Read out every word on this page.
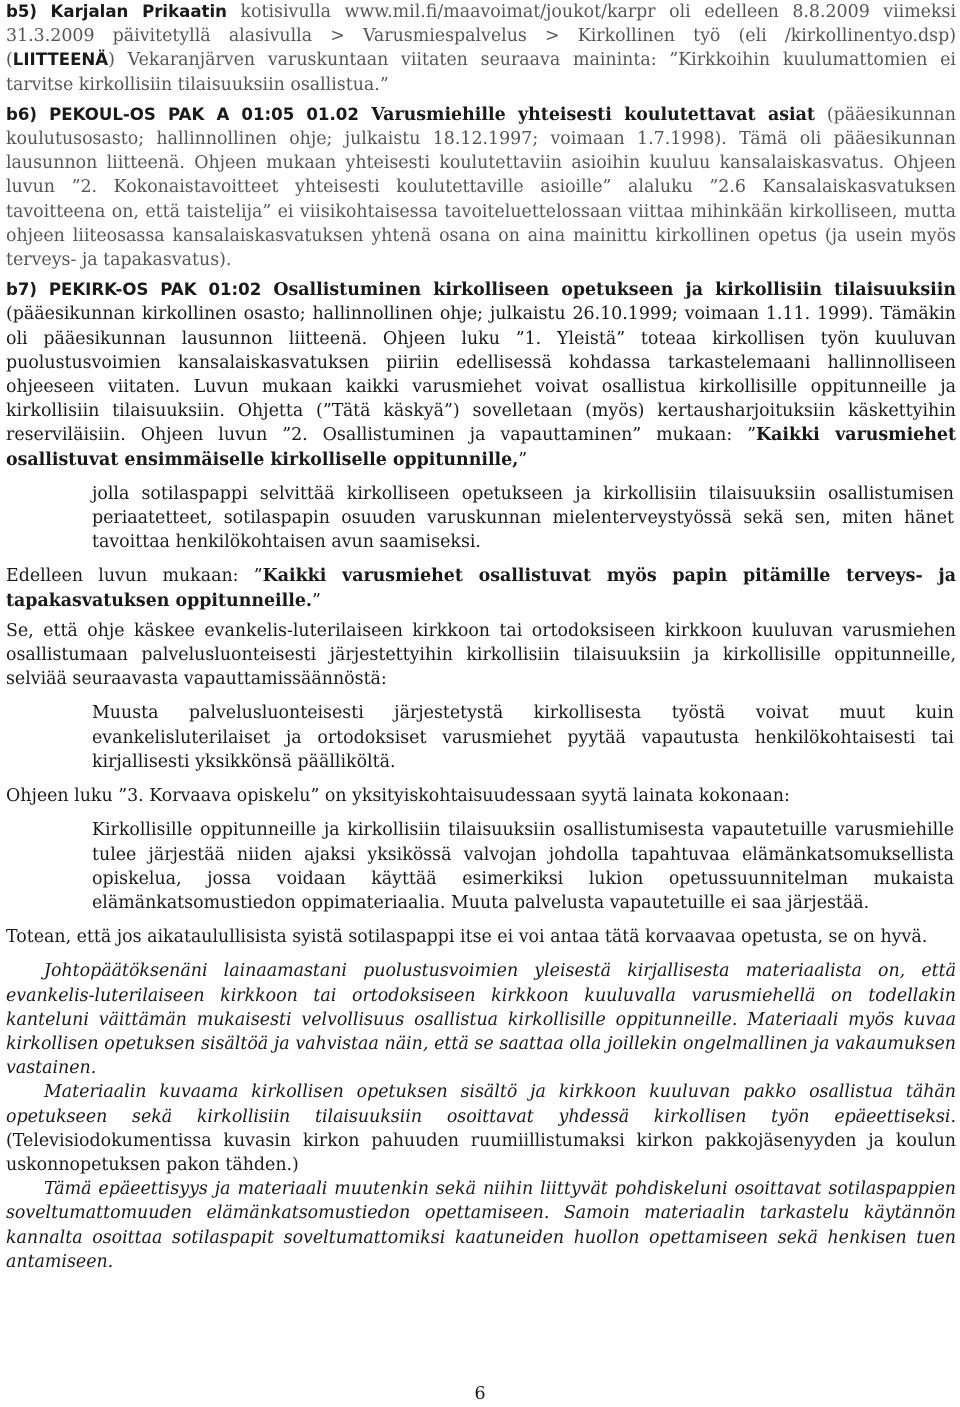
b5) Karjalan Prikaatin kotisivulla www.mil.fi/maavoimat/joukot/karpr oli edelleen 8.8.2009 viimeksi 31.3.2009 päivitetyllä alasivulla > Varusmiespalvelus > Kirkollinen työ (eli /kirkollinentyo.dsp) (LIITTEENÄ) Vekaranjärven varuskuntaan viitaten seuraava maininta: ”Kirkkoihin kuulumattomien ei tarvitse kirkollisiin tilaisuuksiin osallistua.”

b6) PEKOUL-OS PAK A 01:05 01.02 Varusmiehille yhteisesti koulutettavat asiat (pääesikunnan koulutusosasto; hallinnollinen ohje; julkaistu 18.12.1997; voimaan 1.7.1998). Tämä oli pääesikunnan lausunnon liitteenä. Ohjeen mukaan yhteisesti koulutettaviin asioihin kuuluu kansalaiskasvatus. Ohjeen luvun ”2. Kokonaistavoitteet yhteisesti koulutettaville asioille” alaluku ”2.6 Kansalaiskasvatuksen tavoitteena on, että taistelija” ei viisikohtaisessa tavoiteluettelossaan viittaa mihinkään kirkolliseen, mutta ohjeen liiteosassa kansalaiskasvatuksen yhtenä osana on aina mainittu kirkollinen opetus (ja usein myös terveys- ja tapakasvatus).

b7) PEKIRK-OS PAK 01:02 Osallistuminen kirkolliseen opetukseen ja kirkollisiin tilaisuuksiin (pääesikunnan kirkollinen osasto; hallinnollinen ohje; julkaistu 26.10.1999; voimaan 1.11. 1999). Tämäkin oli pääesikunnan lausunnon liitteenä. Ohjeen luku ”1. Yleistä” toteaa kirkollisen työn kuuluvan puolustusvoimien kansalaiskasvatuksen piiriin edellisessä kohdassa tarkastelemaani hallinnolliseen ohjeeseen viitaten. Luvun mukaan kaikki varusmiehet voivat osallistua kirkollisille oppitunneille ja kirkollisiin tilaisuuksiin. Ohjetta (”Tätä käskyä”) sovelletaan (myös) kertausharjoituksiin käskettyihin reserviläisiin. Ohjeen luvun ”2. Osallistuminen ja vapauttaminen” mukaan: ”Kaikki varusmiehet osallistuvat ensimmäiselle kirkolliselle oppitunnille,”

jolla sotilaspappi selvittää kirkolliseen opetukseen ja kirkollisiin tilaisuuksiin osallistumisen periaatetteet, sotilaspapin osuuden varuskunnan mielenterveystyössä sekä sen, miten hänet tavoittaa henkilökohtaisen avun saamiseksi.

Edelleen luvun mukaan: ”Kaikki varusmiehet osallistuvat myös papin pitämille terveys- ja tapakasvatuksen oppitunneille.”

Se, että ohje käskee evankelis-luterilaiseen kirkkoon tai ortodoksiseen kirkkoon kuuluvan varusmiehen osallistumaan palvelusluonteisesti järjestettyihin kirkollisiin tilaisuuksiin ja kirkollisille oppitunneille, selviää seuraavasta vapauttamissäännöstä:

Muusta palvelusluonteisesti järjestetystä kirkollisesta työstä voivat muut kuin evankelisluterilaiset ja ortodoksiset varusmiehet pyytää vapautusta henkilökohtaisesti tai kirjallisesti yksikkönsä päälliköltä.

Ohjeen luku ”3. Korvaava opiskelu” on yksityiskohtaisuudessaan syytä lainata kokonaan:

Kirkollisille oppitunneille ja kirkollisiin tilaisuuksiin osallistumisesta vapautetuille varusmiehille tulee järjestää niiden ajaksi yksikössä valvojan johdolla tapahtuvaa elämänkatsomuksellista opiskelua, jossa voidaan käyttää esimerkiksi lukion opetussuunnitelman mukaista elämänkatsomustiedon oppimateriaalia. Muuta palvelusta vapautetuille ei saa järjestää.

Totean, että jos aikataulullisista syistä sotilaspappi itse ei voi antaa tätä korvaavaa opetusta, se on hyvä.

Johtopäätöksenäni lainaamastani puolustusvoimien yleisestä kirjallisesta materiaalista on, että evankelis-luterilaiseen kirkkoon tai ortodoksiseen kirkkoon kuuluvalla varusmiehellä on todellakin kanteluni väittämän mukaisesti velvollisuus osallistua kirkollisille oppitunneille. Materiaali myös kuvaa kirkollisen opetuksen sisältöä ja vahvistaa näin, että se saattaa olla joillekin ongelmallinen ja vakaumuksen vastainen.

Materiaalin kuvaama kirkollisen opetuksen sisältö ja kirkkoon kuuluvan pakko osallistua tähän opetukseen sekä kirkollisiin tilaisuuksiin osoittavat yhdessä kirkollisen työn epäeettiseksi. (Televisiodokumentissa kuvasin kirkon pahuuden ruumiillistumaksi kirkon pakkojäsenyyden ja koulun uskonnopetuksen pakon tähden.)

Tämä epäeettisyys ja materiaali muutenkin sekä niihin liittyvät pohdiskeluni osoittavat sotilaspappien soveltumattomuuden elämänkatsomustiedon opettamiseen. Samoin materiaalin tarkastelu käytännön kannalta osoittaa sotilaspapit soveltumattomiksi kaatuneiden huollon opettamiseen sekä henkisen tuen antamiseen.

6
